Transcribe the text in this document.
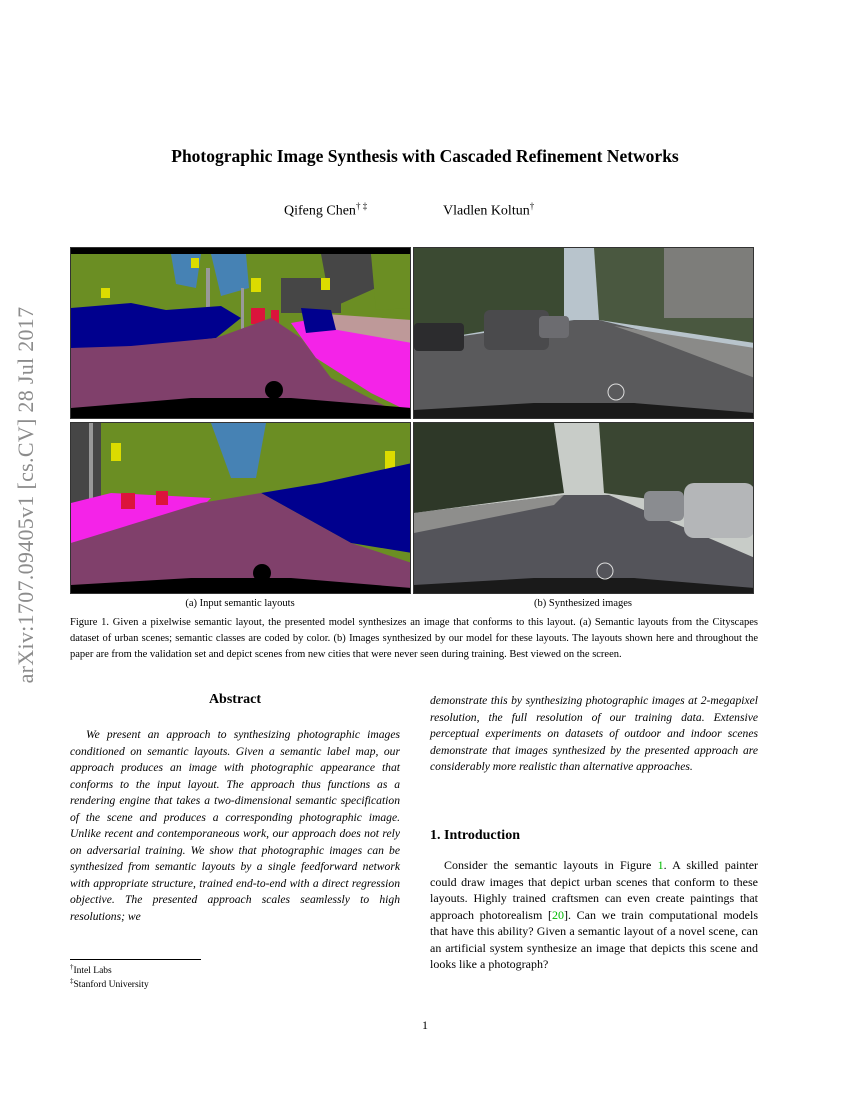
arXiv:1707.09405v1 [cs.CV] 28 Jul 2017
Photographic Image Synthesis with Cascaded Refinement Networks
Qifeng Chen† ‡	Vladlen Koltun†
(a) Input semantic layouts	(b) Synthesized images
Figure 1. Given a pixelwise semantic layout, the presented model synthesizes an image that conforms to this layout. (a) Semantic layouts from the Cityscapes dataset of urban scenes; semantic classes are coded by color. (b) Images synthesized by our model for these layouts. The layouts shown here and throughout the paper are from the validation set and depict scenes from new cities that were never seen during training. Best viewed on the screen.
Abstract
We present an approach to synthesizing photographic images conditioned on semantic layouts. Given a semantic label map, our approach produces an image with photographic appearance that conforms to the input layout. The approach thus functions as a rendering engine that takes a two-dimensional semantic specification of the scene and produces a corresponding photographic image. Unlike recent and contemporaneous work, our approach does not rely on adversarial training. We show that photographic images can be synthesized from semantic layouts by a single feedforward network with appropriate structure, trained end-to-end with a direct regression objective. The presented approach scales seamlessly to high resolutions; we
demonstrate this by synthesizing photographic images at 2-megapixel resolution, the full resolution of our training data. Extensive perceptual experiments on datasets of outdoor and indoor scenes demonstrate that images synthesized by the presented approach are considerably more realistic than alternative approaches.
1. Introduction
Consider the semantic layouts in Figure 1. A skilled painter could draw images that depict urban scenes that conform to these layouts. Highly trained craftsmen can even create paintings that approach photorealism [20]. Can we train computational models that have this ability? Given a semantic layout of a novel scene, can an artificial system synthesize an image that depicts this scene and looks like a photograph?
†Intel Labs
‡Stanford University
1
